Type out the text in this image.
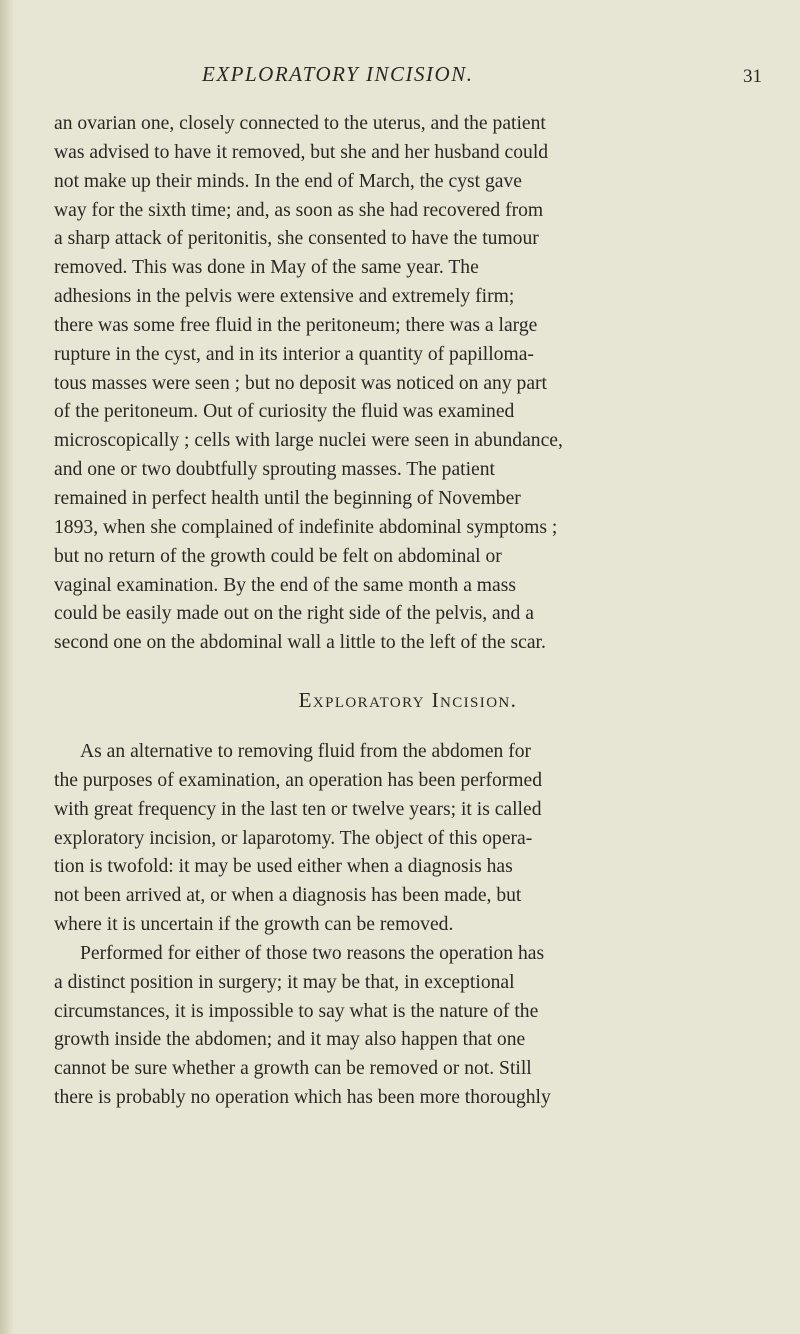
EXPLORATORY INCISION.	31

an ovarian one, closely connected to the uterus, and the patient
was advised to have it removed, but she and her husband could
not make up their minds. In the end of March, the cyst gave
way for the sixth time; and, as soon as she had recovered from
a sharp attack of peritonitis, she consented to have the tumour
removed. This was done in May of the same year. The
adhesions in the pelvis were extensive and extremely firm;
there was some free fluid in the peritoneum; there was a large
rupture in the cyst, and in its interior a quantity of papilloma-
tous masses were seen ; but no deposit was noticed on any part
of the peritoneum. Out of curiosity the fluid was examined
microscopically ; cells with large nuclei were seen in abundance,
and one or two doubtfully sprouting masses. The patient
remained in perfect health until the beginning of November
1893, when she complained of indefinite abdominal symptoms ;
but no return of the growth could be felt on abdominal or
vaginal examination. By the end of the same month a mass
could be easily made out on the right side of the pelvis, and a
second one on the abdominal wall a little to the left of the scar.

Exploratory Incision.

As an alternative to removing fluid from the abdomen for
the purposes of examination, an operation has been performed
with great frequency in the last ten or twelve years; it is called
exploratory incision, or laparotomy. The object of this opera-
tion is twofold: it may be used either when a diagnosis has
not been arrived at, or when a diagnosis has been made, but
where it is uncertain if the growth can be removed.

Performed for either of those two reasons the operation has
a distinct position in surgery; it may be that, in exceptional
circumstances, it is impossible to say what is the nature of the
growth inside the abdomen; and it may also happen that one
cannot be sure whether a growth can be removed or not. Still
there is probably no operation which has been more thoroughly
